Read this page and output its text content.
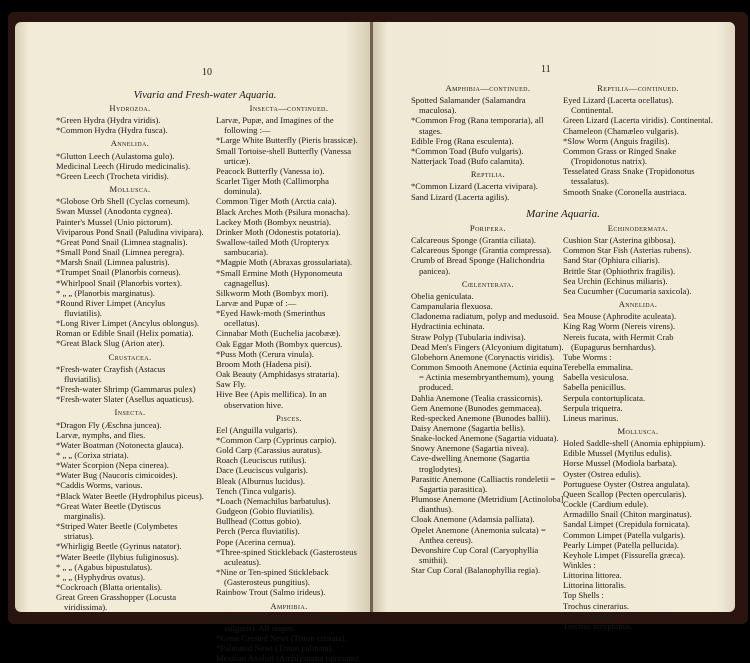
10
Vivaria and Fresh-water Aquaria.
Hydrozoa.
*Green Hydra (Hydra viridis).
*Common Hydra (Hydra fusca).
Annelida.
*Glutton Leech (Aulastoma gulo).
Medicinal Leech (Hirudo medicinalis).
*Green Leech (Trocheta viridis).
Mollusca.
*Globose Orb Shell (Cyclas corneum).
Swan Mussel (Anodonta cygnea).
Painter's Mussel (Unio pictorum).
Viviparous Pond Snail (Paludina vivipara).
*Great Pond Snail (Limnea stagnalis).
*Small Pond Snail (Limnea peregra).
*Marsh Snail (Limnea palustris).
*Trumpet Snail (Planorbis corneus).
*Whirlpool Snail (Planorbis vortex).
* „ „ (Planorbis marginatus).
*Round River Limpet (Ancylus fluviatilis).
*Long River Limpet (Ancylus oblongus).
Roman or Edible Snail (Helix pomatia).
*Great Black Slug (Arion ater).
Crustacea.
*Fresh-water Crayfish (Astacus fluviatilis).
*Fresh-water Shrimp (Gammarus pulex)
*Fresh-water Slater (Asellus aquaticus).
Insecta.
*Dragon Fly (Æschna juncea).
Larvæ, nymphs, and flies.
*Water Boatman (Notonecta glauca).
* „ „ (Corixa striata).
*Water Scorpion (Nepa cinerea).
*Water Bug (Naucoris cimicoides).
*Caddis Worms, various.
*Black Water Beetle (Hydrophilus piceus).
*Great Water Beetle (Dytiscus marginalis).
*Striped Water Beetle (Colymbetes striatus).
*Whirligig Beetle (Gyrinus natator).
*Water Beetle (Ilybius fuliginosus).
* „ „ (Agabus bipustulatus).
* „ „ (Hyphydrus ovatus).
*Cockroach (Blatta orientalis).
Great Green Grasshopper (Locusta viridissima).
Insecta—continued.
Larvæ, Pupæ, and Imagines of the following :—
*Large White Butterfly (Pieris brassicæ).
Small Tortoise-shell Butterfly (Vanessa urticæ).
Peacock Butterfly (Vanessa io).
Scarlet Tiger Moth (Callimorpha dominula).
Common Tiger Moth (Arctia caia).
Black Arches Moth (Psilura monacha).
Lackey Moth (Bombyx neustria).
Drinker Moth (Odonestis potatoria).
Swallow-tailed Moth (Uropteryx sambucaria).
*Magpie Moth (Abraxas grossulariata).
*Small Ermine Moth (Hyponomeuta cagnagellus).
Silkworm Moth (Bombyx mori).
Larvæ and Pupæ of :—
*Eyed Hawk-moth (Smerinthus ocellatus).
Cinnabar Moth (Euchelia jacobææ).
Oak Eggar Moth (Bombyx quercus).
*Puss Moth (Cerura vinula).
Broom Moth (Hadena pisi).
Oak Beauty (Amphidasys strataria).
Saw Fly.
Hive Bee (Apis mellifica). In an observation hive.
Pisces.
Eel (Anguilla vulgaris).
*Common Carp (Cyprinus carpio).
Gold Carp (Carassius auratus).
Roach (Leuciscus rutilus).
Dace (Leuciscus vulgaris).
Bleak (Alburnus lucidus).
Tench (Tinca vulgaris).
*Loach (Nemachilus barbatulus).
Gudgeon (Gobio fluviatilis).
Bullhead (Cottus gobio).
Perch (Perca fluviatilis).
Pope (Acerina cernua).
*Three-spined Stickleback (Gasterosteus aculeatus).
*Nine or Ten-spined Stickleback (Gasterosteus pungitius).
Rainbow Trout (Salmo irideus).
Amphibia.
*Common or Smooth Newt (Triton vulgaris). All stages.
*Great Crested Newt (Triton cristata).
*Palmated Newt (Triton palmata).
Mexican Axolotl (Amblystoma tigrinum).
11
Amphibia—continued.
Spotted Salamander (Salamandra maculosa).
*Common Frog (Rana temporaria), all stages.
Edible Frog (Rana esculenta).
*Common Toad (Bufo vulgaris).
Natterjack Toad (Bufo calamita).
Reptilia.
*Common Lizard (Lacerta vivipara).
Sand Lizard (Lacerta agilis).
Reptilia—continued.
Eyed Lizard (Lacerta ocellatus). Continental.
Green Lizard (Lacerta viridis). Continental.
Chameleon (Chamæleo vulgaris).
*Slow Worm (Anguis fragilis).
Common Grass or Ringed Snake (Tropidonotus natrix).
Tesselated Grass Snake (Tropidonotus tessalatus).
Smooth Snake (Coronella austriaca.
Marine Aquaria.
Porifera.
Calcareous Sponge (Grantia ciliata).
Calcareous Sponge (Grantia compressa).
Crumb of Bread Sponge (Halichondria panicea).
Cœlenterata.
Obelia geniculata.
Campanularia flexuosa.
Cladonema radiatum, polyp and medusoid.
Hydractinia echinata.
Straw Polyp (Tubularia indivisa).
Dead Men's Fingers (Alcyonium digitatum).
Globehorn Anemone (Corynactis viridis).
Common Smooth Anemone (Actinia equina = Actinia mesembryanthemum), young produced.
Dahlia Anemone (Tealia crassicornis).
Gem Anemone (Bunodes gemmacea).
Red-specked Anemone (Bunodes ballii).
Daisy Anemone (Sagartia bellis).
Snake-locked Anemone (Sagartia viduata).
Snowy Anemone (Sagartia nivea).
Cave-dwelling Anemone (Sagartia troglodytes).
Parasitic Anemone (Calliactis rondeletii = Sagartia parasitica).
Plumose Anemone (Metridium [Actinoloba] dianthus).
Cloak Anemone (Adamsia palliata).
Opelet Anemone (Anemonia sulcata) = Anthea cereus).
Devonshire Cup Coral (Caryophyllia smithii).
Star Cup Coral (Balanophyllia regia).
Echinodermata.
Cushion Star (Asterina gibbosa).
Common Star Fish (Asterias rubens).
Sand Star (Ophiura ciliaris).
Brittle Star (Ophiothrix fragilis).
Sea Urchin (Echinus miliaris).
Sea Cucumber (Cucumaria saxicola).
Annelida.
Sea Mouse (Aphrodite aculeata).
King Rag Worm (Nereis virens).
Nereis fucata, with Hermit Crab (Eupagurus bernhardus).
Tube Worms :
Terebella emmalina.
Sabella vesiculosa.
Sabella penicillus.
Serpula contortuplicata.
Serpula triquetra.
Lineus marinus.
Mollusca.
Holed Saddle-shell (Anomia ephippium).
Edible Mussel (Mytilus edulis).
Horse Mussel (Modiola barbata).
Oyster (Ostrea edulis).
Portuguese Oyster (Ostrea angulata).
Queen Scallop (Pecten opercularis).
Cockle (Cardium edule).
Armadillo Snail (Chiton marginatus).
Sandal Limpet (Crepidula fornicata).
Common Limpet (Patella vulgaris).
Pearly Limpet (Patella pellucida).
Keyhole Limpet (Fissurella græca).
Winkles :
Littorina littorea.
Littorina littoralis.
Top Shells :
Trochus cinerarius.
Trochus magus.
Trochus zizyphinus.
